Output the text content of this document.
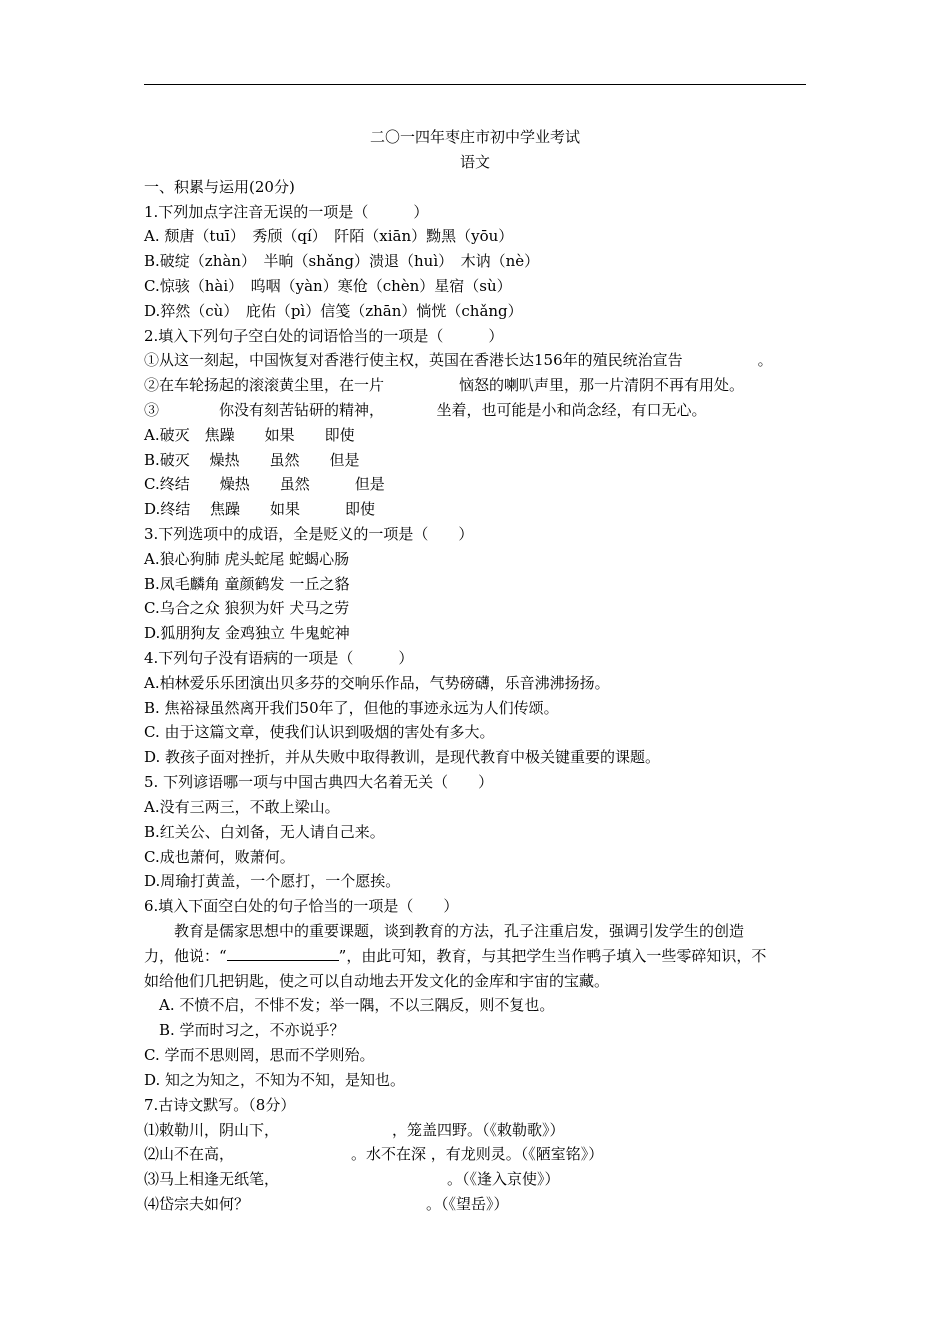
二〇一四年枣庄市初中学业考试
语文
一、积累与运用(20分)
1.下列加点字注音无误的一项是（　　　）
A. 颓唐（tuī）　秀颀（qí）　阡陌（xiān）黝黑（yōu）
B.破绽（zhàn）　半晌（shǎng）溃退（huì）　木讷（nè）
C.惊骇（hài）　呜咽（yàn）寒伧（chèn）星宿（sù）
D.猝然（cù）　庇佑（pì）信笺（zhān）惝恍（chǎng）
2.填入下列句子空白处的词语恰当的一项是（　　　）
①从这一刻起，中国恢复对香港行使主权，英国在香港长达156年的殖民统治宣告　　　　　。
②在车轮扬起的滚滚黄尘里，在一片　　　　　恼怒的喇叭声里，那一片清阴不再有用处。
③　　　　你没有刻苦钻研的精神，　　　　坐着，也可能是小和尚念经，有口无心。
A.破灭　焦躁　　如果　　即使
B.破灭　 燥热　　虽然　　但是
C.终结　　燥热　　虽然　　　但是
D.终结　 焦躁　　如果　　　即使
3.下列选项中的成语，全是贬义的一项是（　　）
A.狼心狗肺 虎头蛇尾 蛇蝎心肠
B.凤毛麟角 童颜鹤发 一丘之貉
C.乌合之众 狼狈为奸 犬马之劳
D.狐朋狗友 金鸡独立 牛鬼蛇神
4.下列句子没有语病的一项是（　　　）
A.柏林爱乐乐团演出贝多芬的交响乐作品，气势磅礴，乐音沸沸扬扬。
B. 焦裕禄虽然离开我们50年了，但他的事迹永远为人们传颂。
C. 由于这篇文章，使我们认识到吸烟的害处有多大。
D. 教孩子面对挫折，并从失败中取得教训，是现代教育中极关键重要的课题。
5. 下列谚语哪一项与中国古典四大名着无关（　　）
A.没有三两三，不敢上梁山。
B.红关公、白刘备，无人请自己来。
C.成也萧何，败萧何。
D.周瑜打黄盖，一个愿打，一个愿挨。
6.填入下面空白处的句子恰当的一项是（　　）
　　教育是儒家思想中的重要课题，谈到教育的方法，孔子注重启发，强调引发学生的创造
力，他说：“	”，由此可知，教育，与其把学生当作鸭子填入一些零碎知识，不
如给他们几把钥匙，使之可以自动地去开发文化的金库和宇宙的宝藏。
　A. 不愤不启，不悱不发；举一隅，不以三隅反，则不复也。
　B. 学而时习之，不亦说乎？
C. 学而不思则罔，思而不学则殆。
D. 知之为知之，不知为不知，是知也。
7.古诗文默写。（8分）
⑴敕勒川，阴山下，	，笼盖四野。（《敕勒歌》）
⑵山不在高，	。水不在深 ，有龙则灵。（《陋室铭》）
⑶马上相逢无纸笔，	。（《逢入京使》）
⑷岱宗夫如何？	。（《望岳》）
